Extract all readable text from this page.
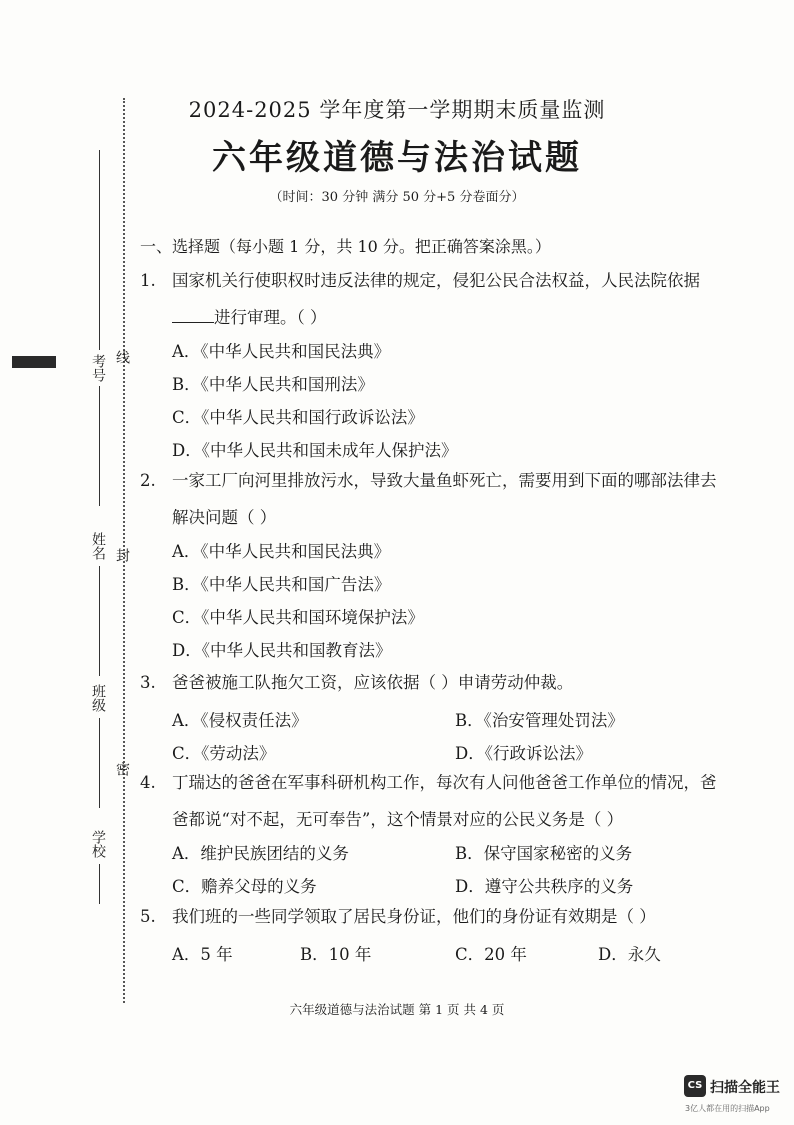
考号 线
姓名 封
班级
密
学校
2024-2025 学年度第一学期期末质量监测
六年级道德与法治试题
（时间：30 分钟 满分 50 分+5 分卷面分）
一、选择题（每小题 1 分，共 10 分。把正确答案涂黑。）
1. 国家机关行使职权时违反法律的规定，侵犯公民合法权益，人民法院依据
进行审理。（ ）
A．《中华人民共和国民法典》
B．《中华人民共和国刑法》
C．《中华人民共和国行政诉讼法》
D．《中华人民共和国未成年人保护法》
2. 一家工厂向河里排放污水，导致大量鱼虾死亡，需要用到下面的哪部法律去
解决问题（ ）
A．《中华人民共和国民法典》
B．《中华人民共和国广告法》
C．《中华人民共和国环境保护法》
D．《中华人民共和国教育法》
3. 爸爸被施工队拖欠工资，应该依据（ ）申请劳动仲裁。
A．《侵权责任法》	B．《治安管理处罚法》
C．《劳动法》	D．《行政诉讼法》
4. 丁瑞达的爸爸在军事科研机构工作，每次有人问他爸爸工作单位的情况，爸
爸都说“对不起，无可奉告”，这个情景对应的公民义务是（ ）
A．维护民族团结的义务	B．保守国家秘密的义务
C．赡养父母的义务	D．遵守公共秩序的义务
5. 我们班的一些同学领取了居民身份证，他们的身份证有效期是（ ）
A．5 年	B．10 年	C．20 年	D．永久
六年级道德与法治试题 第 1 页 共 4 页
CS 扫描全能王
3亿人都在用的扫描App
